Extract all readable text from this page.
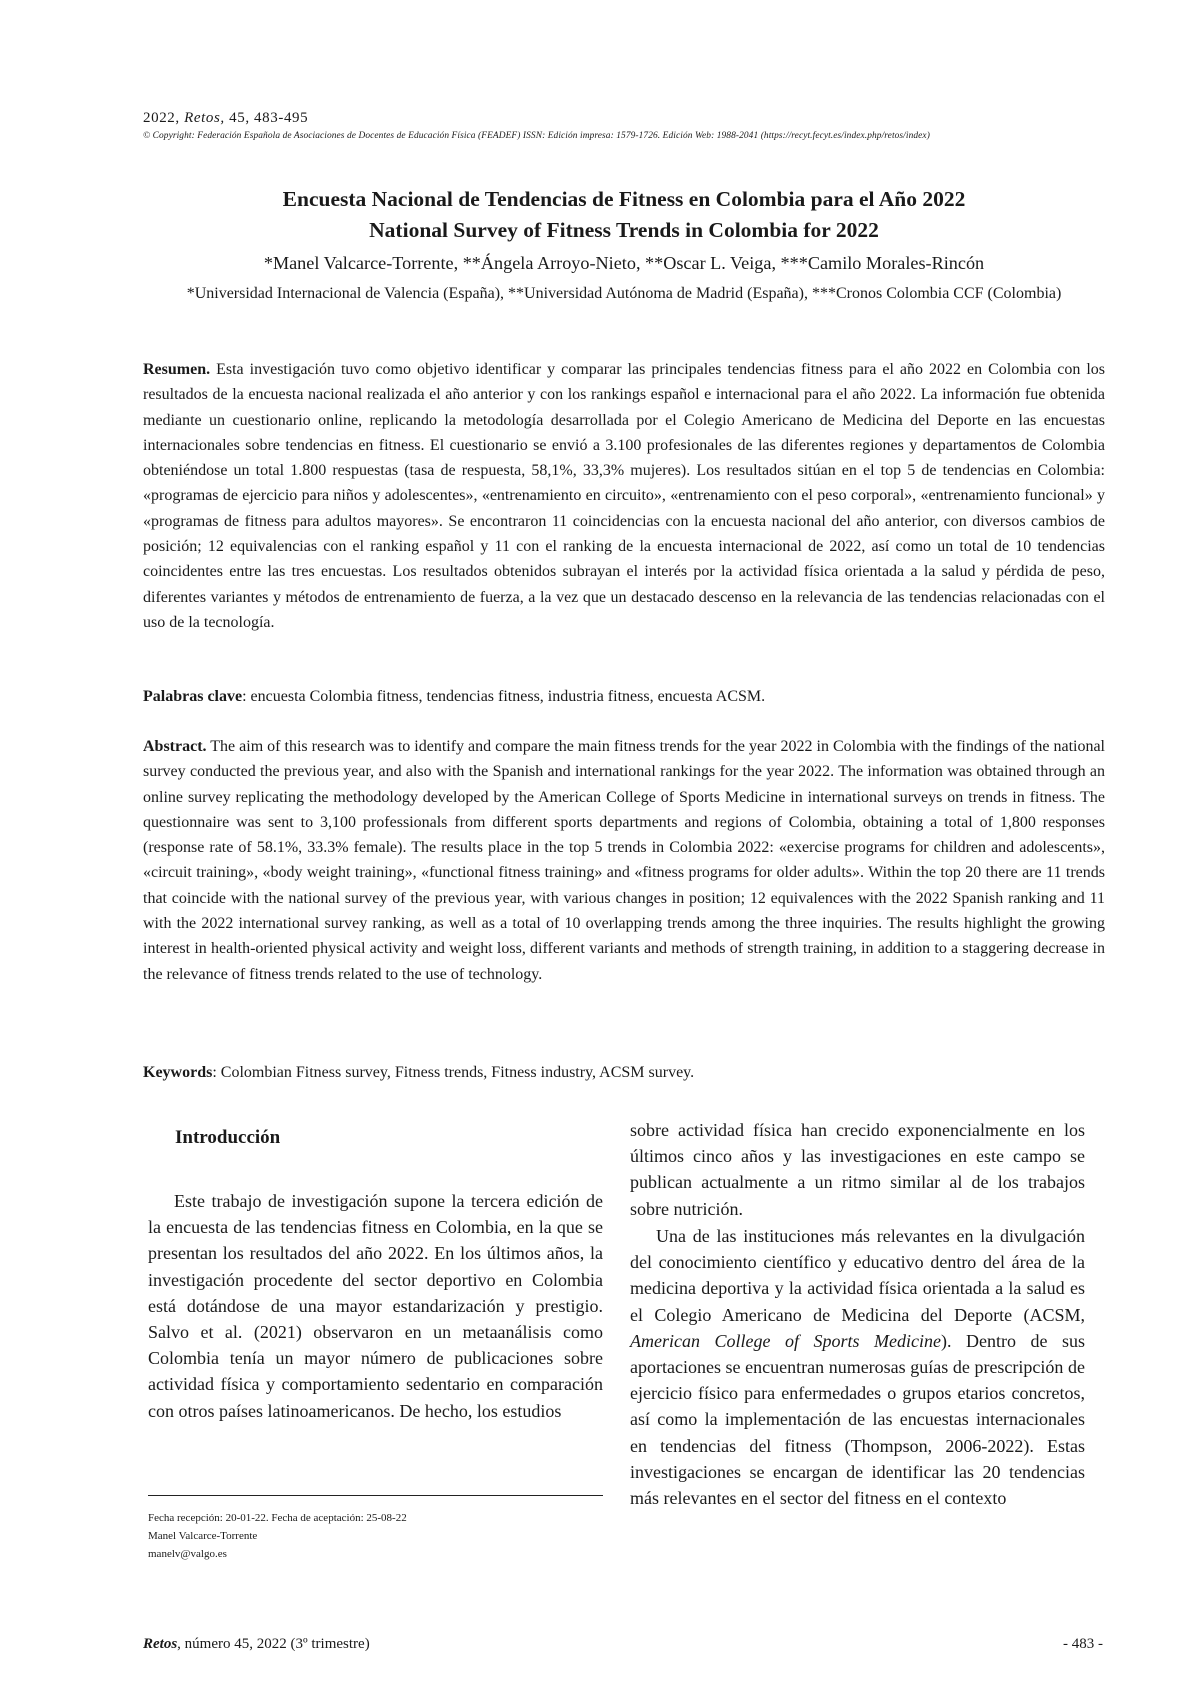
2022, Retos, 45, 483-495
© Copyright: Federación Española de Asociaciones de Docentes de Educación Física (FEADEF) ISSN: Edición impresa: 1579-1726. Edición Web: 1988-2041 (https://recyt.fecyt.es/index.php/retos/index)
Encuesta Nacional de Tendencias de Fitness en Colombia para el Año 2022
National Survey of Fitness Trends in Colombia for 2022
*Manel Valcarce-Torrente, **Ángela Arroyo-Nieto, **Oscar L. Veiga, ***Camilo Morales-Rincón
*Universidad Internacional de Valencia (España), **Universidad Autónoma de Madrid (España), ***Cronos Colombia CCF (Colombia)
Resumen. Esta investigación tuvo como objetivo identificar y comparar las principales tendencias fitness para el año 2022 en Colombia con los resultados de la encuesta nacional realizada el año anterior y con los rankings español e internacional para el año 2022. La información fue obtenida mediante un cuestionario online, replicando la metodología desarrollada por el Colegio Americano de Medicina del Deporte en las encuestas internacionales sobre tendencias en fitness. El cuestionario se envió a 3.100 profesionales de las diferentes regiones y departamentos de Colombia obteniéndose un total 1.800 respuestas (tasa de respuesta, 58,1%, 33,3% mujeres). Los resultados sitúan en el top 5 de tendencias en Colombia: «programas de ejercicio para niños y adolescentes», «entrenamiento en circuito», «entrenamiento con el peso corporal», «entrenamiento funcional» y «programas de fitness para adultos mayores». Se encontraron 11 coincidencias con la encuesta nacional del año anterior, con diversos cambios de posición; 12 equivalencias con el ranking español y 11 con el ranking de la encuesta internacional de 2022, así como un total de 10 tendencias coincidentes entre las tres encuestas. Los resultados obtenidos subrayan el interés por la actividad física orientada a la salud y pérdida de peso, diferentes variantes y métodos de entrenamiento de fuerza, a la vez que un destacado descenso en la relevancia de las tendencias relacionadas con el uso de la tecnología.
Palabras clave: encuesta Colombia fitness, tendencias fitness, industria fitness, encuesta ACSM.
Abstract. The aim of this research was to identify and compare the main fitness trends for the year 2022 in Colombia with the findings of the national survey conducted the previous year, and also with the Spanish and international rankings for the year 2022. The information was obtained through an online survey replicating the methodology developed by the American College of Sports Medicine in international surveys on trends in fitness. The questionnaire was sent to 3,100 professionals from different sports departments and regions of Colombia, obtaining a total of 1,800 responses (response rate of 58.1%, 33.3% female). The results place in the top 5 trends in Colombia 2022: «exercise programs for children and adolescents», «circuit training», «body weight training», «functional fitness training» and «fitness programs for older adults». Within the top 20 there are 11 trends that coincide with the national survey of the previous year, with various changes in position; 12 equivalences with the 2022 Spanish ranking and 11 with the 2022 international survey ranking, as well as a total of 10 overlapping trends among the three inquiries. The results highlight the growing interest in health-oriented physical activity and weight loss, different variants and methods of strength training, in addition to a staggering decrease in the relevance of fitness trends related to the use of technology.
Keywords: Colombian Fitness survey, Fitness trends, Fitness industry, ACSM survey.
Introducción
Este trabajo de investigación supone la tercera edición de la encuesta de las tendencias fitness en Colombia, en la que se presentan los resultados del año 2022. En los últimos años, la investigación procedente del sector deportivo en Colombia está dotándose de una mayor estandarización y prestigio. Salvo et al. (2021) observaron en un metaanálisis como Colombia tenía un mayor número de publicaciones sobre actividad física y comportamiento sedentario en comparación con otros países latinoamericanos. De hecho, los estudios
sobre actividad física han crecido exponencialmente en los últimos cinco años y las investigaciones en este campo se publican actualmente a un ritmo similar al de los trabajos sobre nutrición.
Una de las instituciones más relevantes en la divulgación del conocimiento científico y educativo dentro del área de la medicina deportiva y la actividad física orientada a la salud es el Colegio Americano de Medicina del Deporte (ACSM, American College of Sports Medicine). Dentro de sus aportaciones se encuentran numerosas guías de prescripción de ejercicio físico para enfermedades o grupos etarios concretos, así como la implementación de las encuestas internacionales en tendencias del fitness (Thompson, 2006-2022). Estas investigaciones se encargan de identificar las 20 tendencias más relevantes en el sector del fitness en el contexto
Fecha recepción: 20-01-22. Fecha de aceptación: 25-08-22
Manel Valcarce-Torrente
manelv@valgo.es
Retos, número 45, 2022 (3º trimestre)	- 483 -
